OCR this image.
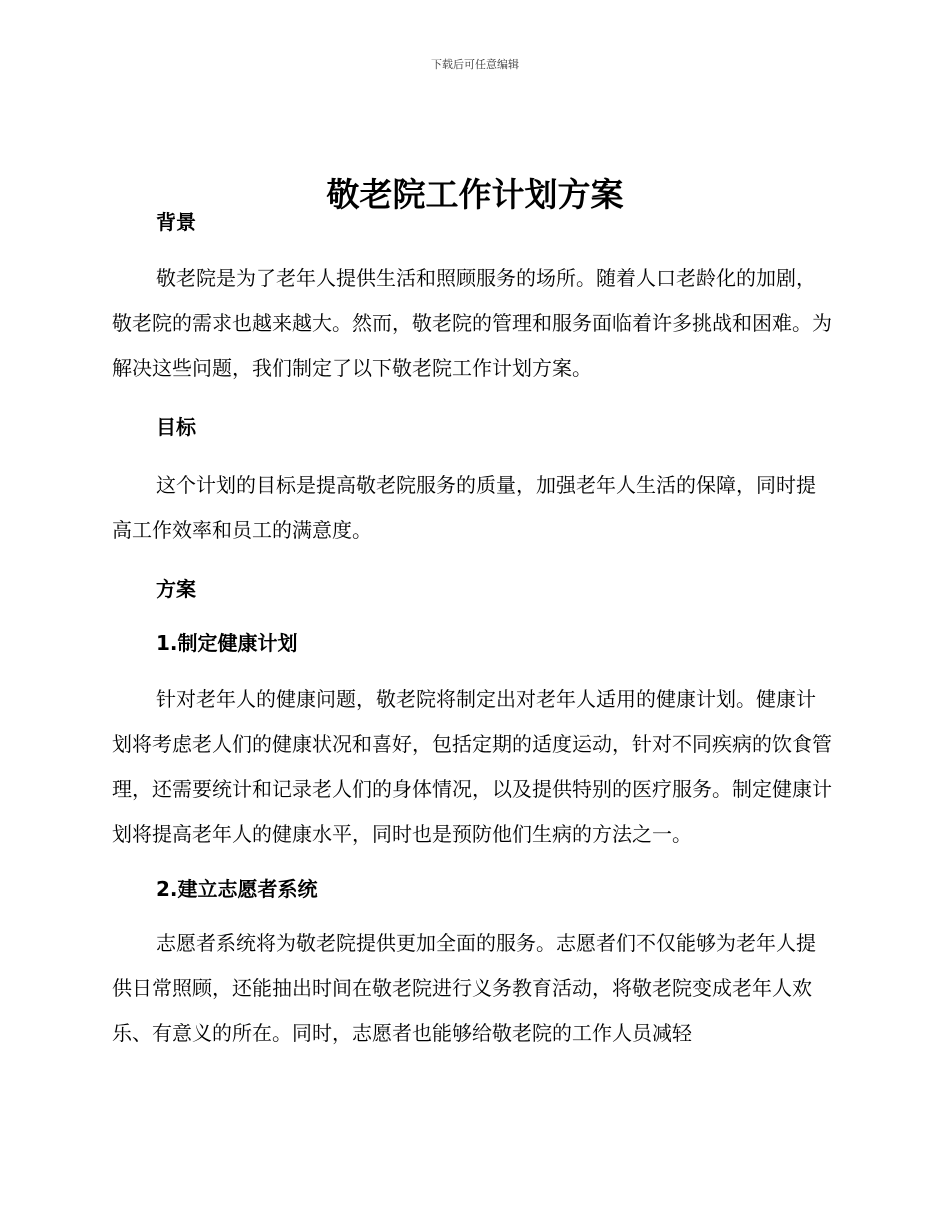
下载后可任意编辑
敬老院工作计划方案

背景

敬老院是为了老年人提供生活和照顾服务的场所。随着人口老龄化的加剧，敬老院的需求也越来越大。然而，敬老院的管理和服务面临着许多挑战和困难。为解决这些问题，我们制定了以下敬老院工作计划方案。

目标

这个计划的目标是提高敬老院服务的质量，加强老年人生活的保障，同时提高工作效率和员工的满意度。

方案

1.制定健康计划

针对老年人的健康问题，敬老院将制定出对老年人适用的健康计划。健康计划将考虑老人们的健康状况和喜好，包括定期的适度运动，针对不同疾病的饮食管理，还需要统计和记录老人们的身体情况，以及提供特别的医疗服务。制定健康计划将提高老年人的健康水平，同时也是预防他们生病的方法之一。

2.建立志愿者系统

志愿者系统将为敬老院提供更加全面的服务。志愿者们不仅能够为老年人提供日常照顾，还能抽出时间在敬老院进行义务教育活动，将敬老院变成老年人欢乐、有意义的所在。同时，志愿者也能够给敬老院的工作人员减轻
